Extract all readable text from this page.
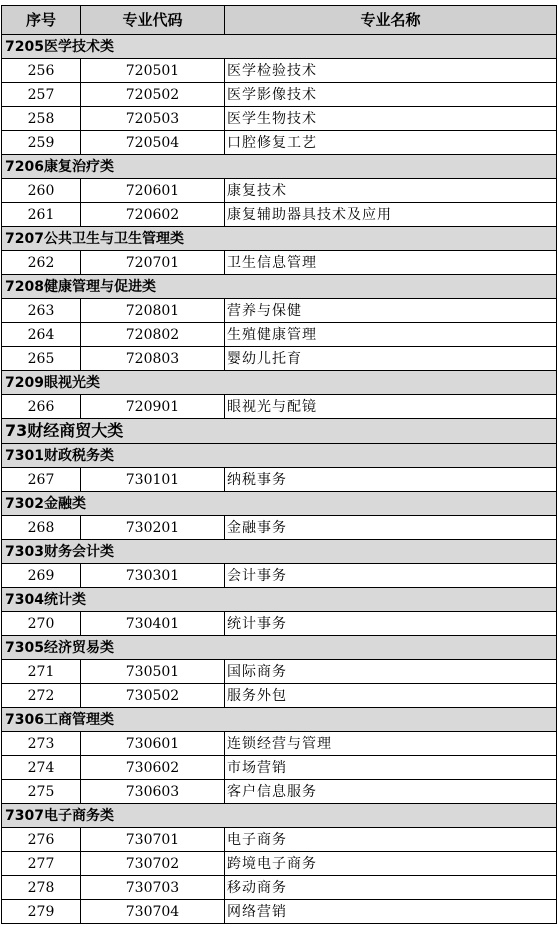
序号	专业代码	专业名称
7205医学技术类		
256	720501	医学检验技术
257	720502	医学影像技术
258	720503	医学生物技术
259	720504	口腔修复工艺
7206康复治疗类		
260	720601	康复技术
261	720602	康复辅助器具技术及应用
7207公共卫生与卫生管理类		
262	720701	卫生信息管理
7208健康管理与促进类		
263	720801	营养与保健
264	720802	生殖健康管理
265	720803	婴幼儿托育
7209眼视光类		
266	720901	眼视光与配镜
73财经商贸大类		
7301财政税务类		
267	730101	纳税事务
7302金融类		
268	730201	金融事务
7303财务会计类		
269	730301	会计事务
7304统计类		
270	730401	统计事务
7305经济贸易类		
271	730501	国际商务
272	730502	服务外包
7306工商管理类		
273	730601	连锁经营与管理
274	730602	市场营销
275	730603	客户信息服务
7307电子商务类		
276	730701	电子商务
277	730702	跨境电子商务
278	730703	移动商务
279	730704	网络营销
